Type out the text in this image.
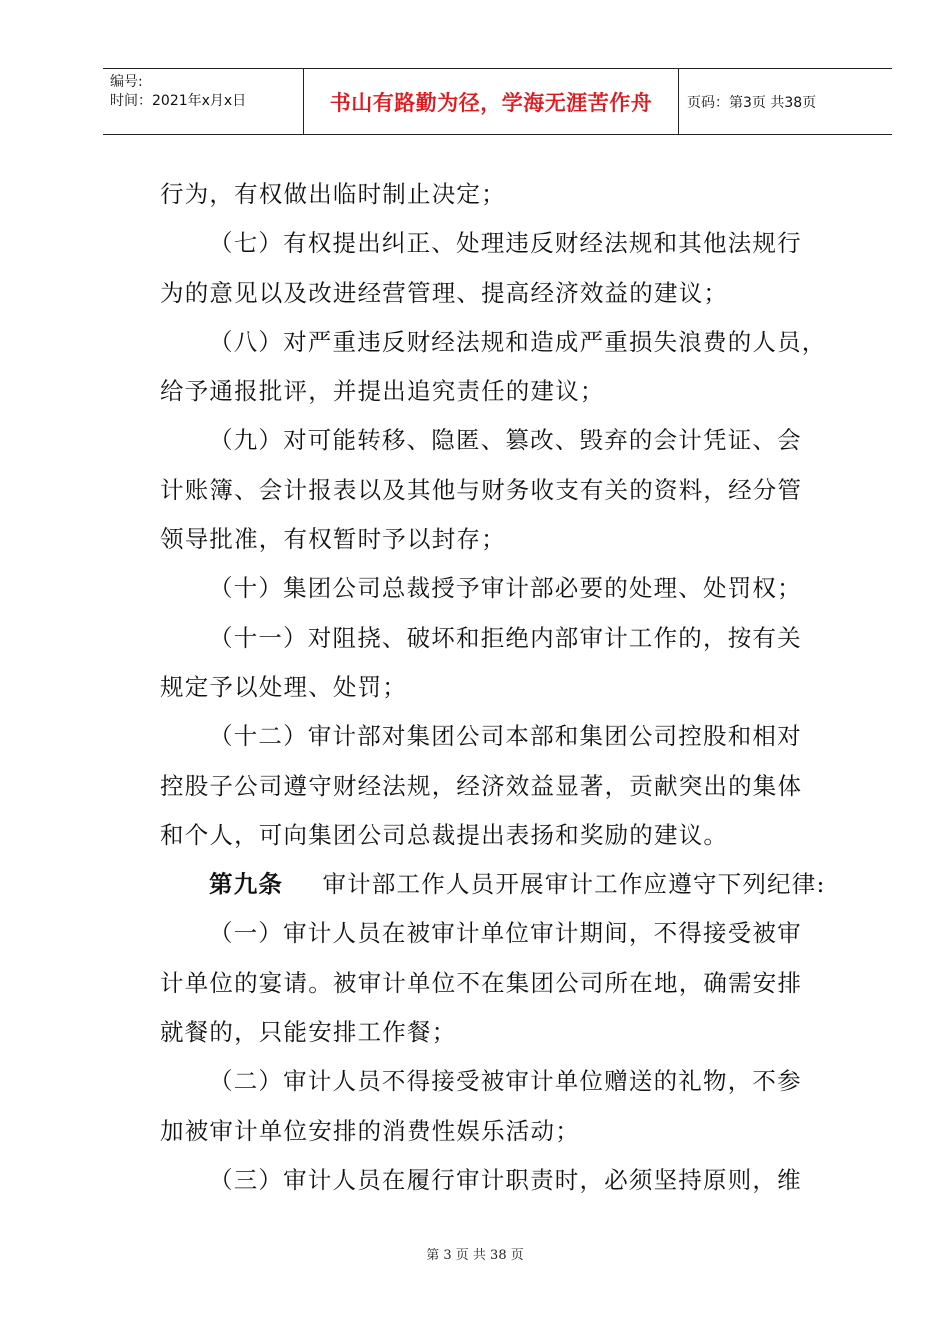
编号:
时间：2021年x月x日	书山有路勤为径，学海无涯苦作舟	页码：第3页 共38页
行为，有权做出临时制止决定；
（七）有权提出纠正、处理违反财经法规和其他法规行
为的意见以及改进经营管理、提高经济效益的建议；
（八）对严重违反财经法规和造成严重损失浪费的人员，
给予通报批评，并提出追究责任的建议；
（九）对可能转移、隐匿、篡改、毁弃的会计凭证、会
计账簿、会计报表以及其他与财务收支有关的资料，经分管
领导批准，有权暂时予以封存；
（十）集团公司总裁授予审计部必要的处理、处罚权；
（十一）对阻挠、破坏和拒绝内部审计工作的，按有关
规定予以处理、处罚；
（十二）审计部对集团公司本部和集团公司控股和相对
控股子公司遵守财经法规，经济效益显著，贡献突出的集体
和个人，可向集团公司总裁提出表扬和奖励的建议。
第九条 审计部工作人员开展审计工作应遵守下列纪律:
（一）审计人员在被审计单位审计期间，不得接受被审
计单位的宴请。被审计单位不在集团公司所在地，确需安排
就餐的，只能安排工作餐；
（二）审计人员不得接受被审计单位赠送的礼物，不参
加被审计单位安排的消费性娱乐活动；
（三）审计人员在履行审计职责时，必须坚持原则，维
第 3 页 共 38 页
